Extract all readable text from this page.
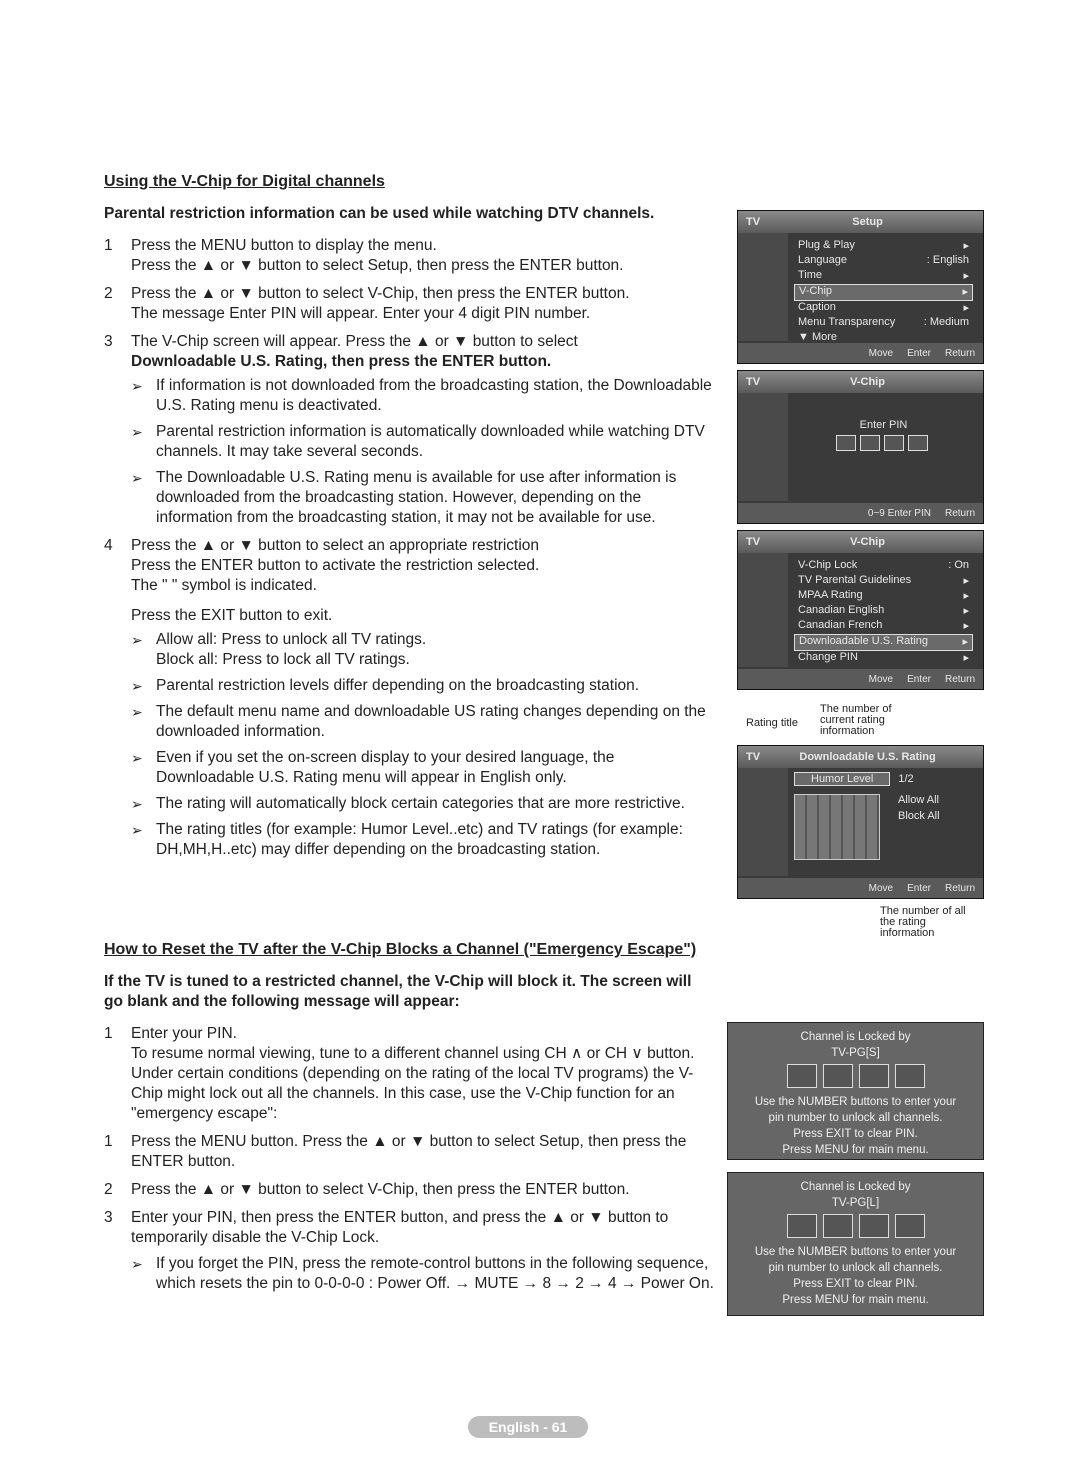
Using the V-Chip for Digital channels
Parental restriction information can be used while watching DTV channels.
1 Press the MENU button to display the menu.
Press the ▲ or ▼ button to select Setup, then press the ENTER button.
2 Press the ▲ or ▼ button to select V-Chip, then press the ENTER button.
The message Enter PIN will appear. Enter your 4 digit PIN number.
3 The V-Chip screen will appear. Press the ▲ or ▼ button to select
Downloadable U.S. Rating, then press the ENTER button.
➢ If information is not downloaded from the broadcasting station, the Downloadable U.S. Rating menu is deactivated.
➢ Parental restriction information is automatically downloaded while watching DTV channels. It may take several seconds.
➢ The Downloadable U.S. Rating menu is available for use after information is downloaded from the broadcasting station. However, depending on the information from the broadcasting station, it may not be available for use.
4 Press the ▲ or ▼ button to select an appropriate restriction
Press the ENTER button to activate the restriction selected.
The " " symbol is indicated.
Press the EXIT button to exit.
➢ Allow all: Press to unlock all TV ratings.
Block all: Press to lock all TV ratings.
➢ Parental restriction levels differ depending on the broadcasting station.
➢ The default menu name and downloadable US rating changes depending on the downloaded information.
➢ Even if you set the on-screen display to your desired language, the Downloadable U.S. Rating menu will appear in English only.
➢ The rating will automatically block certain categories that are more restrictive.
➢ The rating titles (for example: Humor Level..etc) and TV ratings (for example: DH,MH,H..etc) may differ depending on the broadcasting station.
How to Reset the TV after the V-Chip Blocks a Channel ("Emergency Escape")
If the TV is tuned to a restricted channel, the V-Chip will block it. The screen will go blank and the following message will appear:
1 Enter your PIN.
To resume normal viewing, tune to a different channel using CH ∧ or CH ∨ button. Under certain conditions (depending on the rating of the local TV programs) the V-Chip might lock out all the channels. In this case, use the V-Chip function for an "emergency escape":
1 Press the MENU button. Press the ▲ or ▼ button to select Setup, then press the ENTER button.
2 Press the ▲ or ▼ button to select V-Chip, then press the ENTER button.
3 Enter your PIN, then press the ENTER button, and press the ▲ or ▼ button to temporarily disable the V-Chip Lock.
➢ If you forget the PIN, press the remote-control buttons in the following sequence, which resets the pin to 0-0-0-0 : Power Off. → MUTE → 8 → 2 → 4 → Power On.
TV	Setup
Plug & Play	▸
Language	: English
Time	▸
V-Chip	▸
Caption	▸
Menu Transparency	: Medium
▼ More
Move Enter Return
TV	V-Chip
Enter PIN
0~9 Enter PIN Return
TV	V-Chip
V-Chip Lock	: On
TV Parental Guidelines	▸
MPAA Rating	▸
Canadian English	▸
Canadian French	▸
Downloadable U.S. Rating	▸
Change PIN	▸
Move Enter Return
Rating title
The number of current rating information
TV	Downloadable U.S. Rating
Humor Level	1/2
Allow All
Block All
Move Enter Return
The number of all the rating information
Channel is Locked by
TV-PG[S]
Use the NUMBER buttons to enter your
pin number to unlock all channels.
Press EXIT to clear PIN.
Press MENU for main menu.
Channel is Locked by
TV-PG[L]
Use the NUMBER buttons to enter your
pin number to unlock all channels.
Press EXIT to clear PIN.
Press MENU for main menu.
English - 61
